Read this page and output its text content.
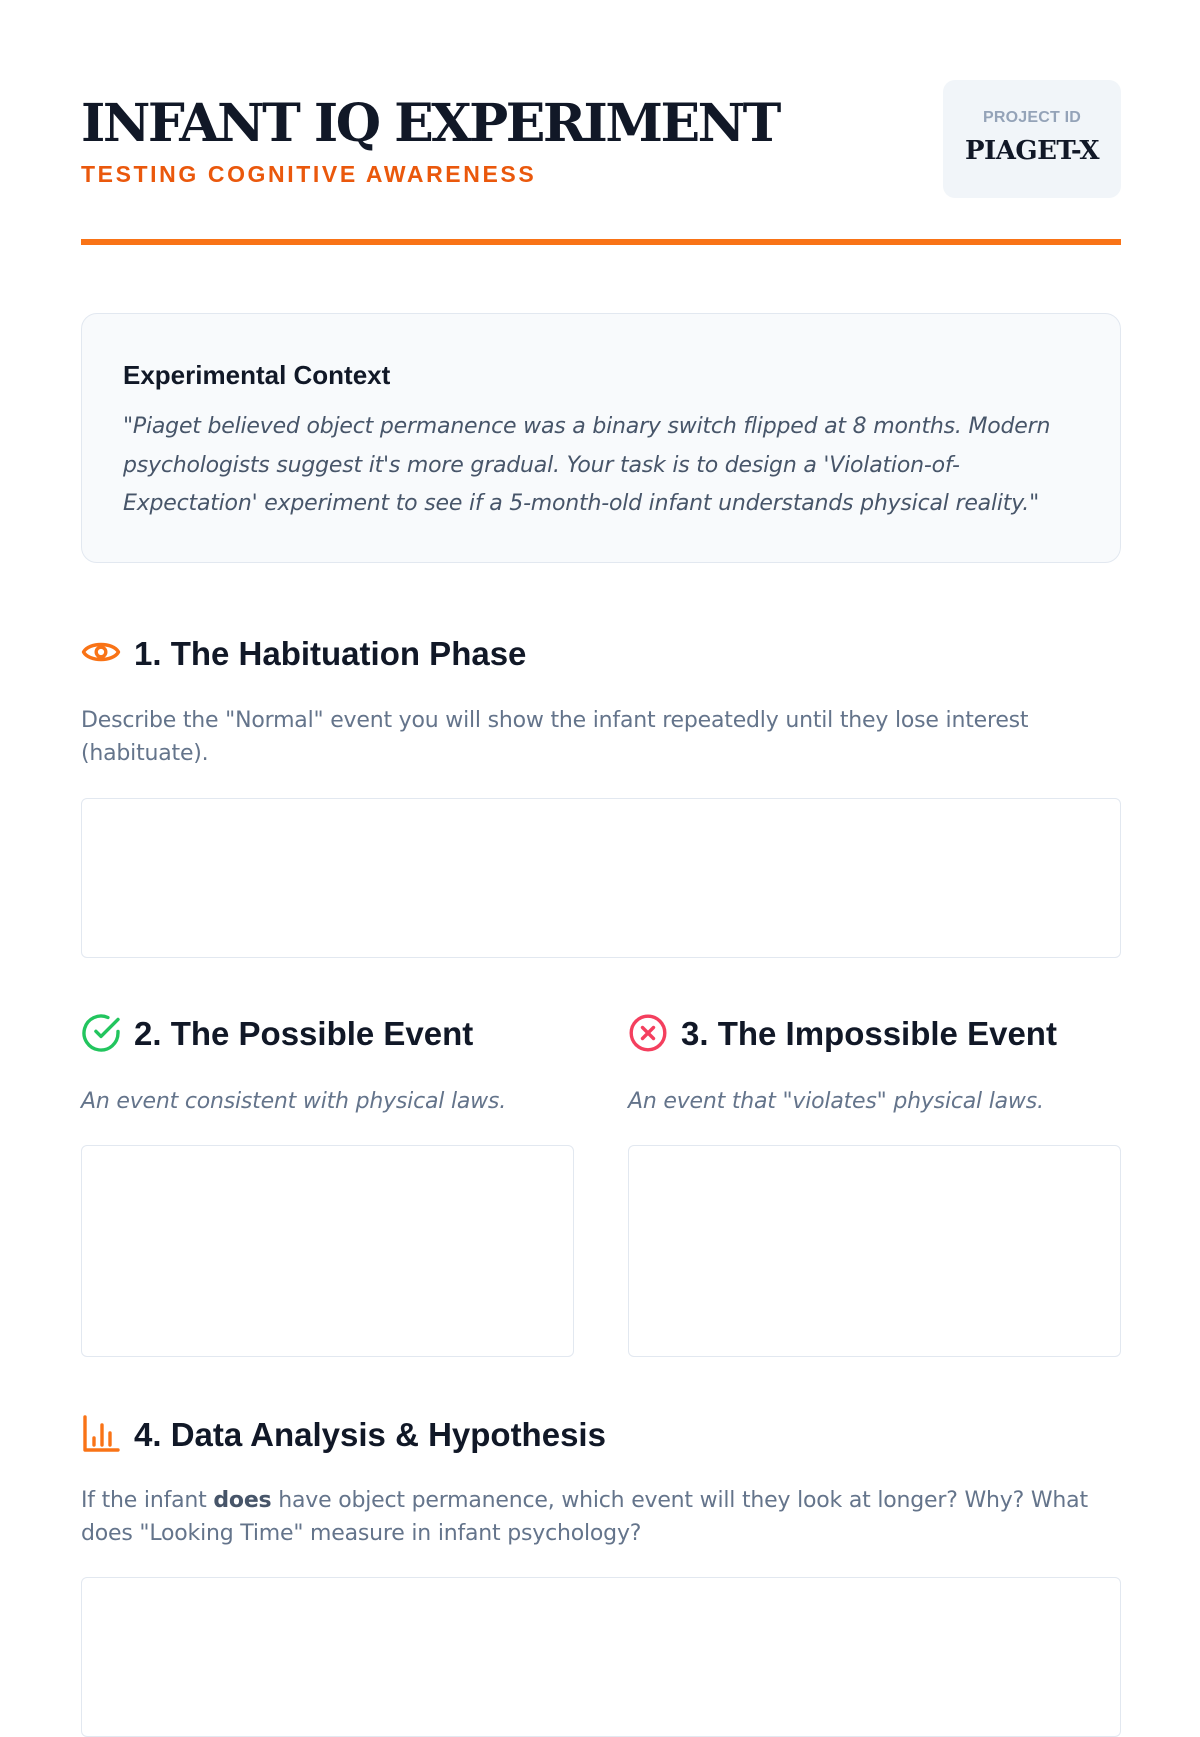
INFANT IQ EXPERIMENT
TESTING COGNITIVE AWARENESS
PROJECT ID
PIAGET-X
Experimental Context

"Piaget believed object permanence was a binary switch flipped at 8 months. Modern psychologists suggest it's more gradual. Your task is to design a 'Violation-of-Expectation' experiment to see if a 5-month-old infant understands physical reality."

1. The Habituation Phase

Describe the "Normal" event you will show the infant repeatedly until they lose interest (habituate).

2. The Possible Event

An event consistent with physical laws.

3. The Impossible Event

An event that "violates" physical laws.

4. Data Analysis & Hypothesis

If the infant does have object permanence, which event will they look at longer? Why? What does "Looking Time" measure in infant psychology?
